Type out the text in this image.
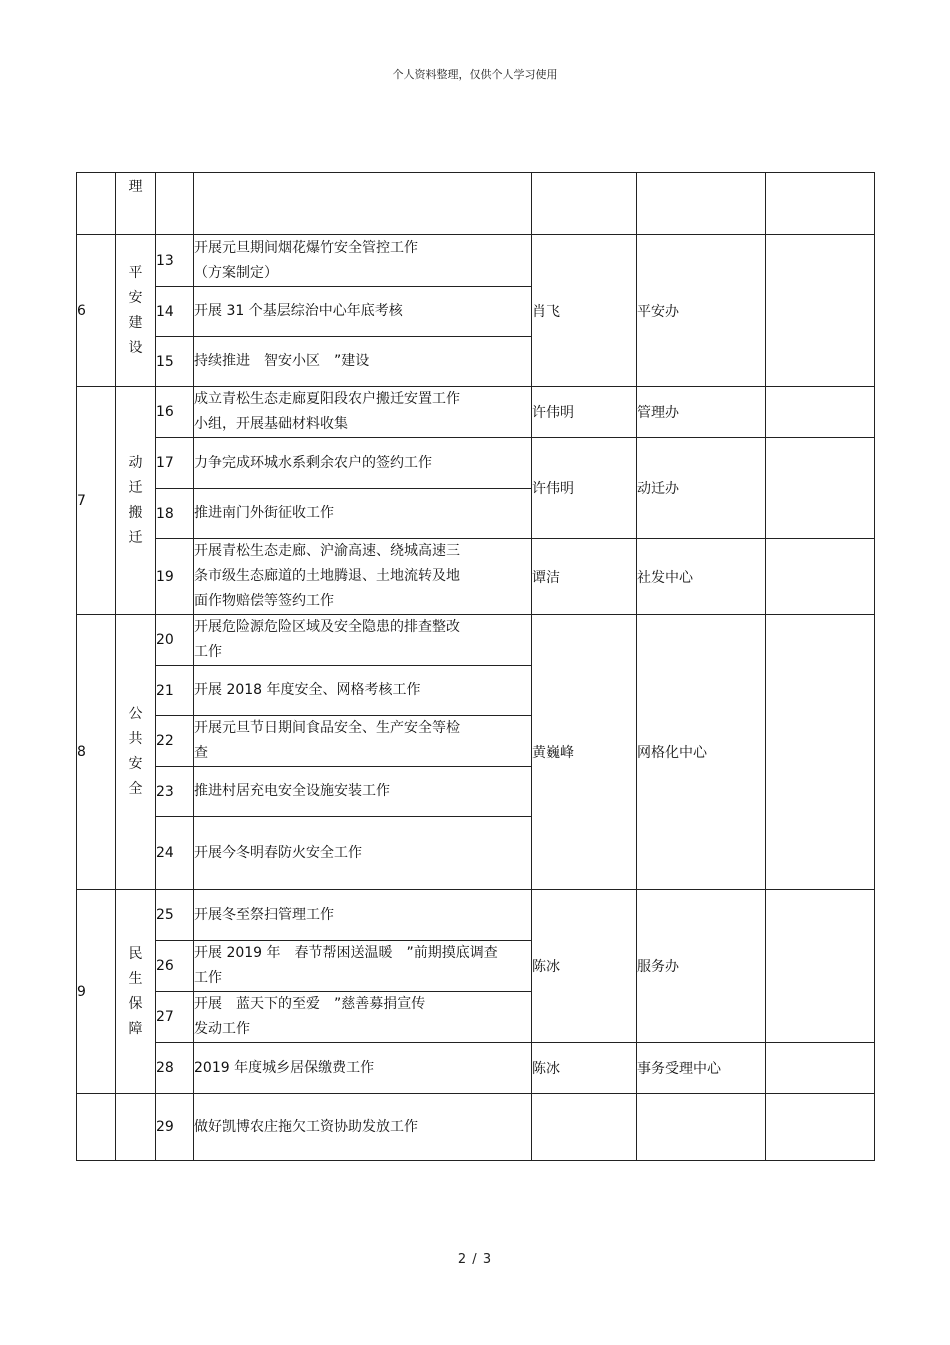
个人资料整理，仅供个人学习使用
	理					
6	平安建设	13	开展元旦期间烟花爆竹安全管控工作
（方案制定）	肖飞	平安办	
		14	开展 31 个基层综治中心年底考核			

		15	持续推进　智安小区　”建设			

7	动迁搬迁	16	成立青松生态走廊夏阳段农户搬迁安置工作
小组，开展基础材料收集	许伟明	管理办	
		17	力争完成环城水系剩余农户的签约工作	许伟明	动迁办	
		18	推进南门外街征收工作			

		19	开展青松生态走廊、沪渝高速、绕城高速三
条市级生态廊道的土地腾退、土地流转及地
面作物赔偿等签约工作	谭洁	社发中心	
8	公共安全	20	开展危险源危险区域及安全隐患的排查整改
工作	黄巍峰	网格化中心	
		21	开展 2018 年度安全、网格考核工作			

		22	开展元旦节日期间食品安全、生产安全等检
查			

		23	推进村居充电安全设施安装工作			

		24	开展今冬明春防火安全工作			

9	民生保障	25	开展冬至祭扫管理工作	陈冰	服务办	
		26	开展 2019 年　春节帮困送温暖　”前期摸底调查
工作			

		27	开展　蓝天下的至爱　”慈善募捐宣传
发动工作			

		28	2019 年度城乡居保缴费工作	陈冰	事务受理中心	
		29	做好凯博农庄拖欠工资协助发放工作			

2 / 3
